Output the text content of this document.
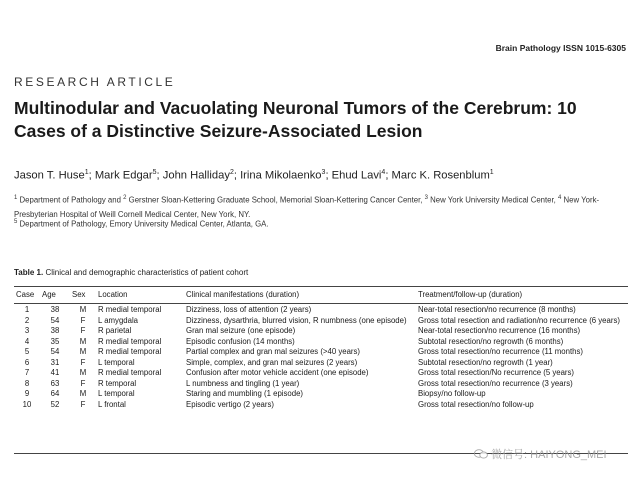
Brain Pathology ISSN 1015-6305
RESEARCH ARTICLE
Multinodular and Vacuolating Neuronal Tumors of the Cerebrum: 10 Cases of a Distinctive Seizure-Associated Lesion
Jason T. Huse$^1$; Mark Edgar$^5$; John Halliday$^2$; Irina Mikolaenko$^3$; Ehud Lavi$^4$; Marc K. Rosenblum$^1$
$^1$ Department of Pathology and $^2$ Gerstner Sloan-Kettering Graduate School, Memorial Sloan-Kettering Cancer Center, $^3$ New York University Medical Center, $^4$ New York-Presbyterian Hospital of Weill Cornell Medical Center, New York, NY.
$^5$ Department of Pathology, Emory University Medical Center, Atlanta, GA.
Table 1. Clinical and demographic characteristics of patient cohort
Case	Age	Sex	Location	Clinical manifestations (duration)	Treatment/follow-up (duration)
1	38	M	R medial temporal	Dizziness, loss of attention (2 years)	Near-total resection/no recurrence (8 months)
2	54	F	L amygdala	Dizziness, dysarthria, blurred vision, R numbness (one episode)	Gross total resection and radiation/no recurrence (6 years)
3	38	F	R parietal	Gran mal seizure (one episode)	Near-total resection/no recurrence (16 months)
4	35	M	R medial temporal	Episodic confusion (14 months)	Subtotal resection/no regrowth (6 months)
5	54	M	R medial temporal	Partial complex and gran mal seizures (>40 years)	Gross total resection/no recurrence (11 months)
6	31	F	L temporal	Simple, complex, and gran mal seizures (2 years)	Subtotal resection/no regrowth (1 year)
7	41	M	R medial temporal	Confusion after motor vehicle accident (one episode)	Gross total resection/No recurrence (5 years)
8	63	F	R temporal	L numbness and tingling (1 year)	Gross total resection/no recurrence (3 years)
9	64	M	L temporal	Staring and mumbling (1 episode)	Biopsy/no follow-up
10	52	F	L frontal	Episodic vertigo (2 years)	Gross total resection/no follow-up
微信号: HAIYONG_MEI
